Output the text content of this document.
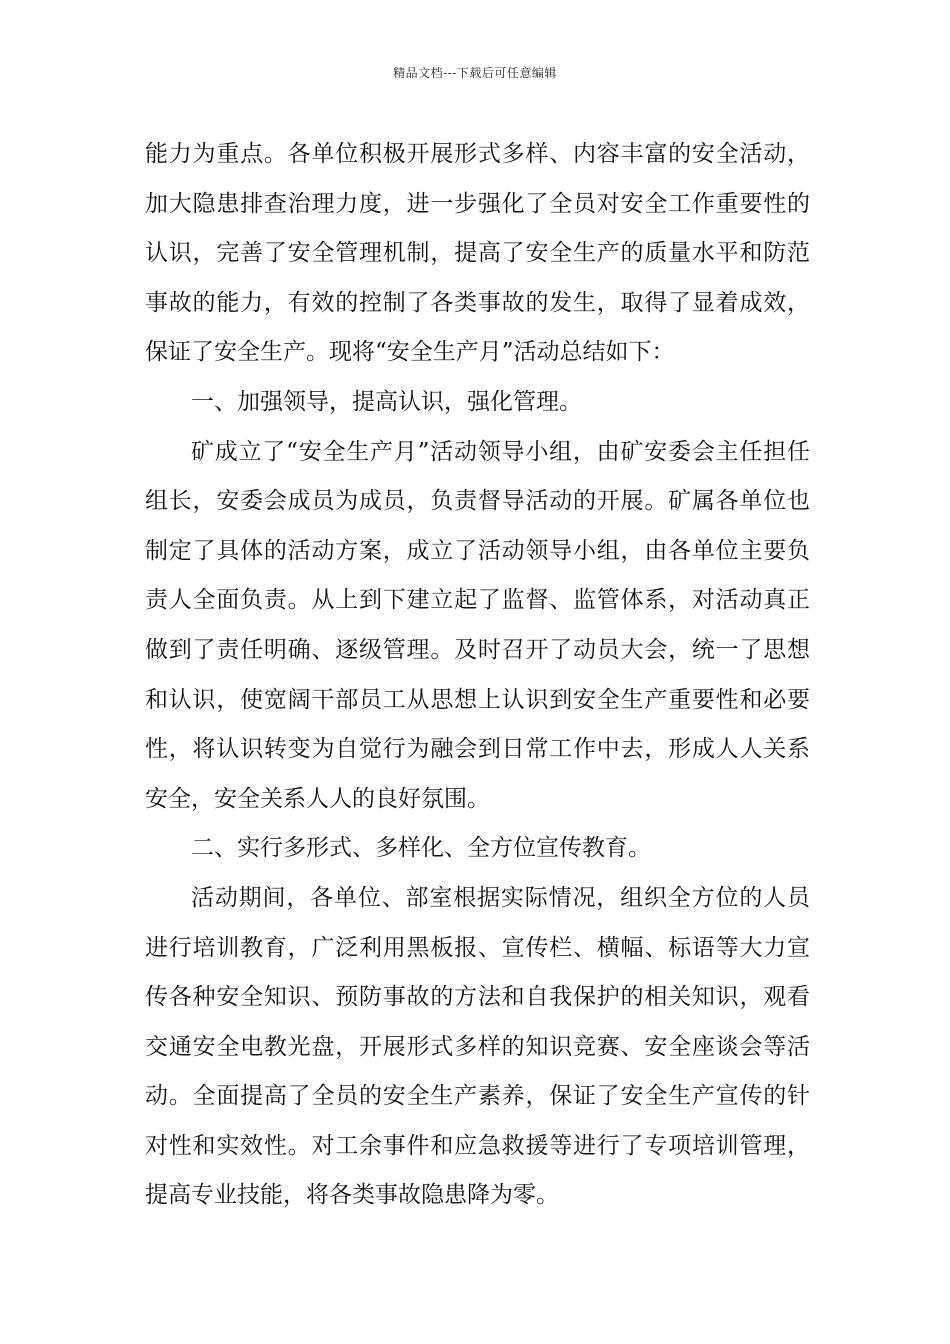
精品文档---下载后可任意编辑

能力为重点。各单位积极开展形式多样、内容丰富的安全活动，加大隐患排查治理力度，进一步强化了全员对安全工作重要性的认识，完善了安全管理机制，提高了安全生产的质量水平和防范事故的能力，有效的控制了各类事故的发生，取得了显着成效，保证了安全生产。现将“安全生产月”活动总结如下：

一、加强领导，提高认识，强化管理。

矿成立了“安全生产月”活动领导小组，由矿安委会主任担任组长，安委会成员为成员，负责督导活动的开展。矿属各单位也制定了具体的活动方案，成立了活动领导小组，由各单位主要负责人全面负责。从上到下建立起了监督、监管体系，对活动真正做到了责任明确、逐级管理。及时召开了动员大会，统一了思想和认识，使宽阔干部员工从思想上认识到安全生产重要性和必要性，将认识转变为自觉行为融会到日常工作中去，形成人人关系安全，安全关系人人的良好氛围。

二、实行多形式、多样化、全方位宣传教育。

活动期间，各单位、部室根据实际情况，组织全方位的人员进行培训教育，广泛利用黑板报、宣传栏、横幅、标语等大力宣传各种安全知识、预防事故的方法和自我保护的相关知识，观看交通安全电教光盘，开展形式多样的知识竞赛、安全座谈会等活动。全面提高了全员的安全生产素养，保证了安全生产宣传的针对性和实效性。对工余事件和应急救援等进行了专项培训管理，提高专业技能，将各类事故隐患降为零。
